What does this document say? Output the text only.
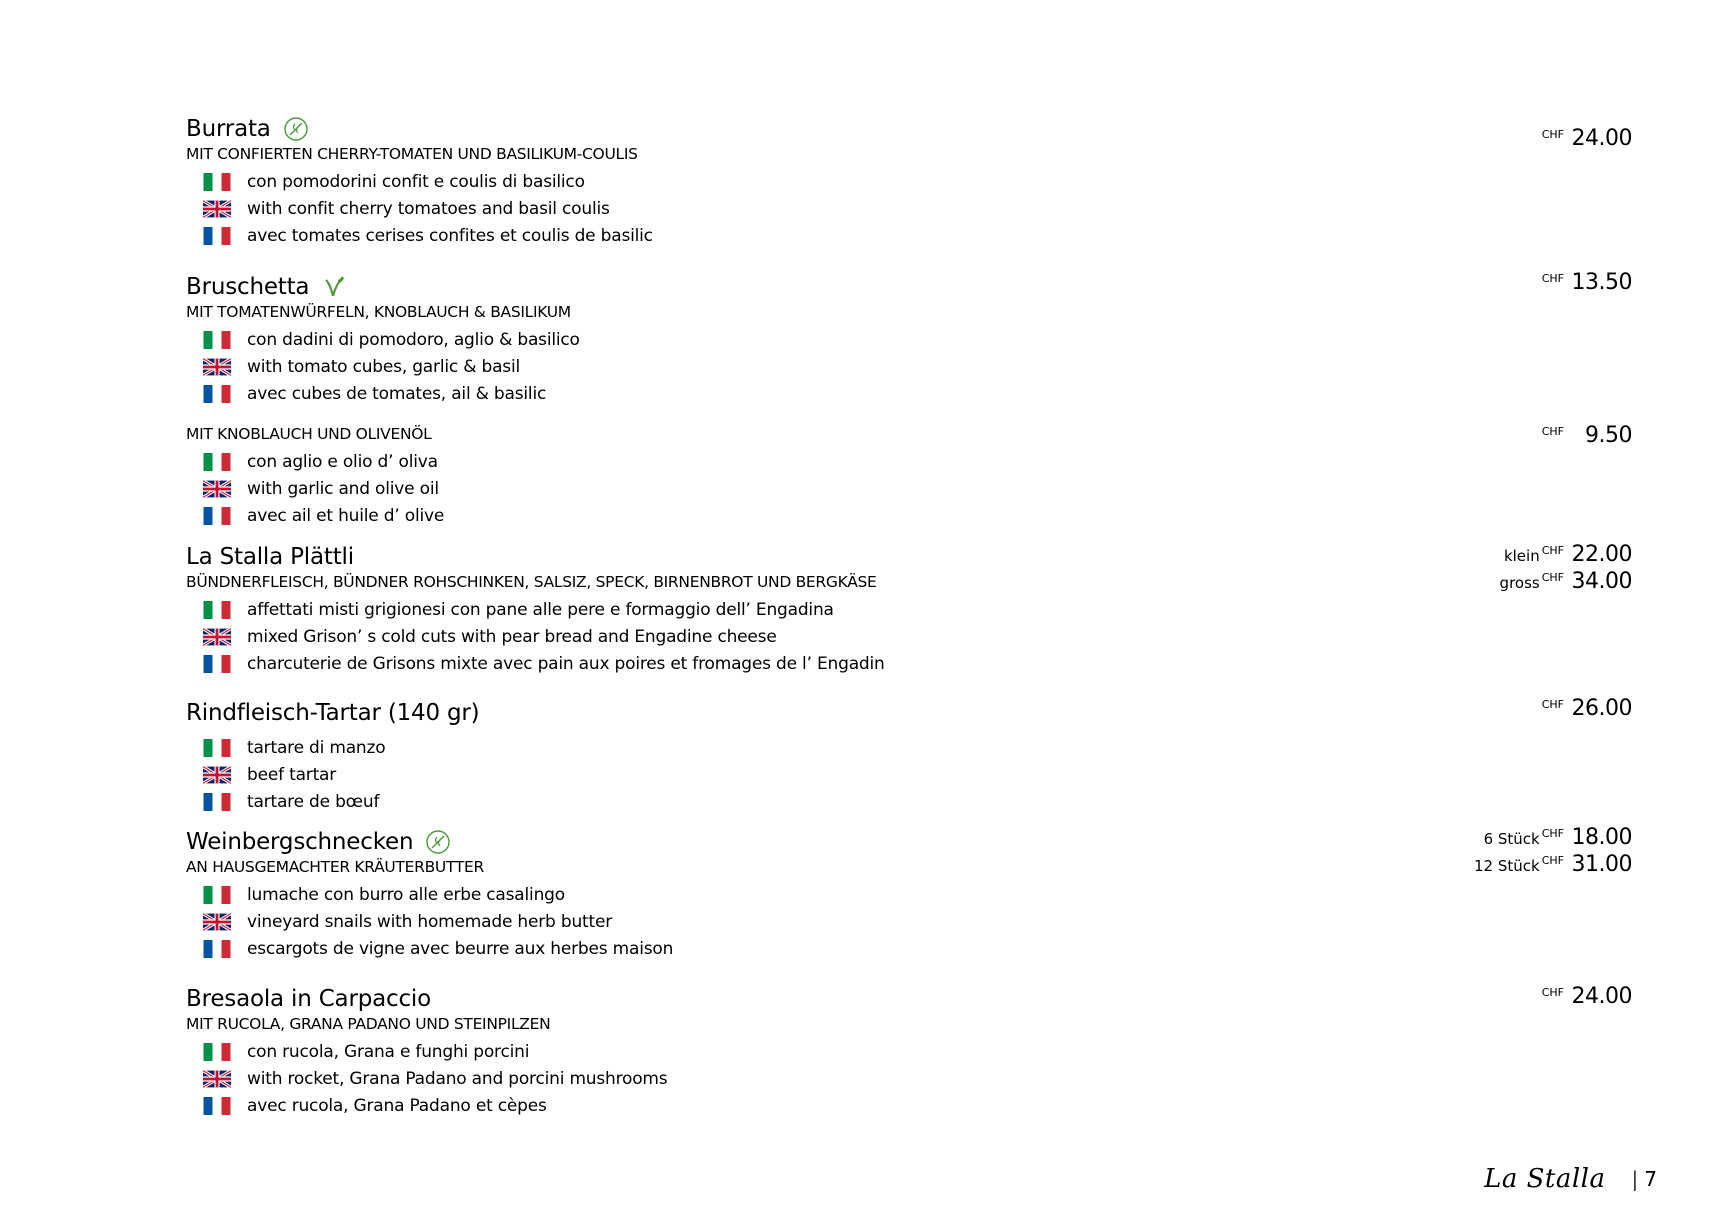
Burrata
MIT CONFIERTEN CHERRY-TOMATEN UND BASILIKUM-COULIS
con pomodorini confit e coulis di basilico
with confit cherry tomatoes and basil coulis
avec tomates cerises confites et coulis de basilic
CHF 24.00
Bruschetta
MIT TOMATENWÜRFELN, KNOBLAUCH & BASILIKUM
con dadini di pomodoro, aglio & basilico
with tomato cubes, garlic & basil
avec cubes de tomates, ail & basilic
CHF 13.50
MIT KNOBLAUCH UND OLIVENÖL
con aglio e olio d’ oliva
with garlic and olive oil
avec ail et huile d’ olive
CHF 9.50
La Stalla Plättli
BÜNDNERFLEISCH, BÜNDNER ROHSCHINKEN, SALSIZ, SPECK, BIRNENBROT UND BERGKÄSE
affettati misti grigionesi con pane alle pere e formaggio dell’ Engadina
mixed Grison’ s cold cuts with pear bread and Engadine cheese
charcuterie de Grisons mixte avec pain aux poires et fromages de l’ Engadin
klein CHF 22.00
gross CHF 34.00
Rindfleisch-Tartar (140 gr)
tartare di manzo
beef tartar
tartare de bœuf
CHF 26.00
Weinbergschnecken
AN HAUSGEMACHTER KRÄUTERBUTTER
lumache con burro alle erbe casalingo
vineyard snails with homemade herb butter
escargots de vigne avec beurre aux herbes maison
6 Stück CHF 18.00
12 Stück CHF 31.00
Bresaola in Carpaccio
MIT RUCOLA, GRANA PADANO UND STEINPILZEN
con rucola, Grana e funghi porcini
with rocket, Grana Padano and porcini mushrooms
avec rucola, Grana Padano et cèpes
CHF 24.00
La Stalla | 7
